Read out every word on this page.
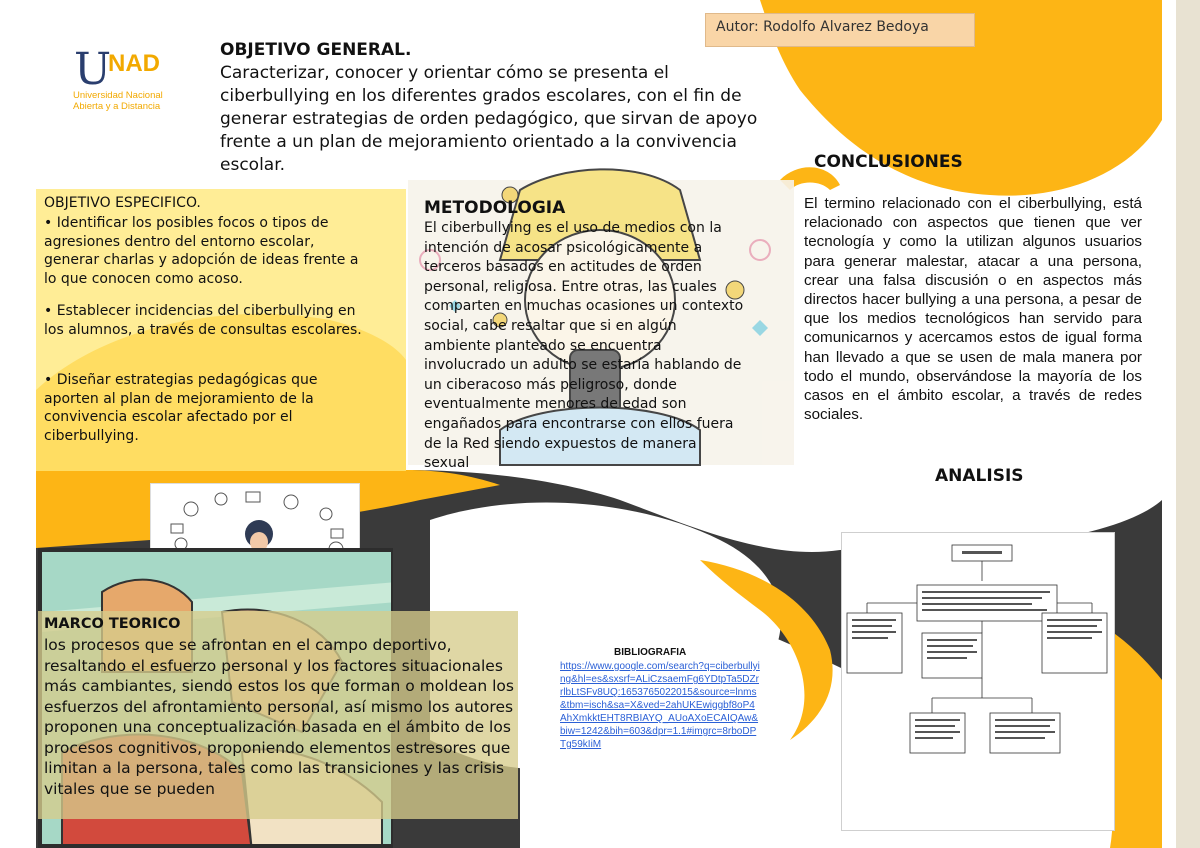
U
NAD
Universidad Nacional
Abierta y a Distancia
Autor: Rodolfo Alvarez Bedoya
OBJETIVO GENERAL.
Caracterizar, conocer y orientar cómo se presenta el ciberbullying en los diferentes grados escolares, con el fin de generar estrategias de orden pedagógico, que sirvan de apoyo frente a un plan de mejoramiento orientado a la convivencia escolar.
OBJETIVO ESPECIFICO.
• Identificar los posibles focos o tipos de agresiones dentro del entorno escolar, generar charlas y adopción de ideas frente a lo que conocen como acoso.
• Establecer incidencias del ciberbullying en los alumnos, a través de consultas escolares.
• Diseñar estrategias pedagógicas que aporten al plan de mejoramiento de la convivencia escolar afectado por el ciberbullying.
METODOLOGIA
El ciberbullying es el uso de medios con la intención de acosar psicológicamente a terceros basados en actitudes de orden personal, religiosa. Entre otras, las cuales comparten en muchas ocasiones un contexto social, cabe resaltar que si en algún ambiente planteado se encuentra involucrado un adulto se estaría hablando de un ciberacoso más peligroso, donde eventualmente menores de edad son engañados para encontrarse con ellos fuera de la Red siendo expuestos de manera sexual
CONCLUSIONES
El termino relacionado con el ciberbullying, está relacionado con aspectos que tienen que ver tecnología y como la utilizan algunos usuarios para generar malestar, atacar a una persona, crear una falsa discusión o en aspectos más directos hacer bullying a una persona, a pesar de que los medios tecnológicos han servido para comunicarnos y acercamos estos de igual forma han llevado a que se usen de mala manera por todo el mundo, observándose la mayoría de los casos en el ámbito escolar, a través de redes sociales.
ANALISIS
MARCO TEORICO
los procesos que se afrontan en el campo deportivo, resaltando el esfuerzo personal y los factores situacionales más cambiantes, siendo estos los que forman o moldean los esfuerzos del afrontamiento personal, así mismo los autores proponen una conceptualización basada en el ámbito de los procesos cognitivos, proponiendo elementos estresores que limitan a la persona, tales como las transiciones y las crisis vitales que se pueden
BIBLIOGRAFIA
https://www.google.com/search?q=ciberbullying&hl=es&sxsrf=ALiCzsaemFg6YDtpTa5DZrrlbLtSFv8UQ:1653765022015&source=lnms&tbm=isch&sa=X&ved=2ahUKEwiggbf8oP4AhXmkktEHT8RBIAYQ_AUoAXoECAIQAw&biw=1242&bih=603&dpr=1.1#imgrc=8rboDPTg59kIiM
